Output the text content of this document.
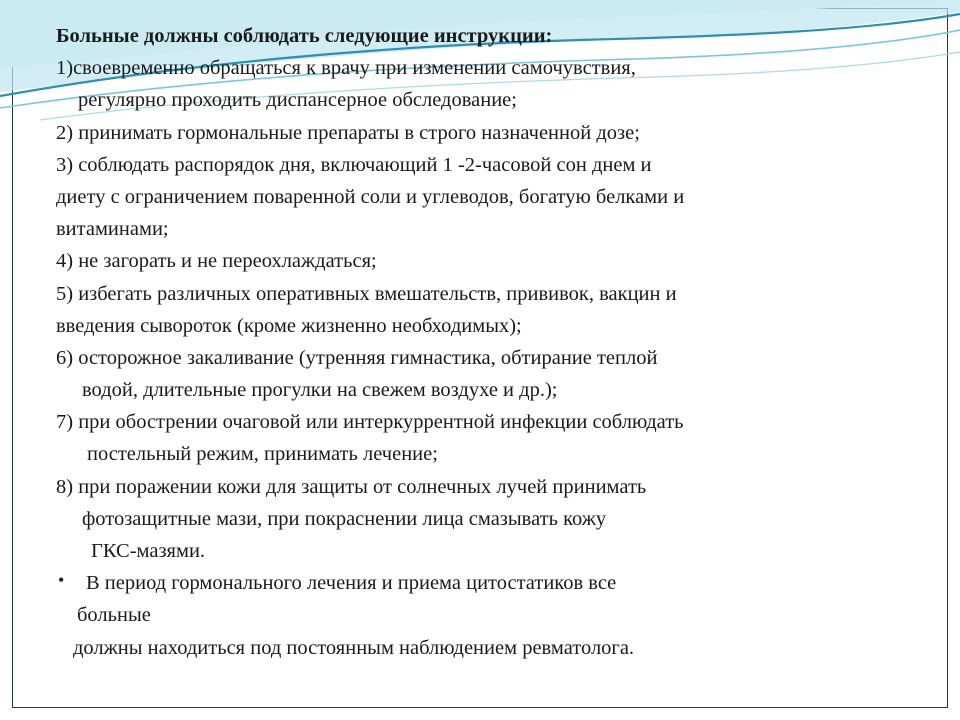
Больные должны соблюдать следующие инструкции:
1)своевременно обращаться к врачу при изменении самочувствия,
регулярно проходить диспансерное обследование;
2) принимать гормональные препараты в строго назначенной дозе;
3) соблюдать распорядок дня, включающий 1 -2-часовой сон днем и
диету с ограничением поваренной соли и углеводов, богатую белками и
витаминами;
4) не загорать и не переохлаждаться;
5) избегать различных оперативных вмешательств, прививок, вакцин и
введения сывороток (кроме жизненно необходимых);
6) осторожное закаливание (утренняя гимнастика, обтирание теплой
водой, длительные прогулки на свежем воздухе и др.);
7) при обострении очаговой или интеркуррентной инфекции соблюдать
постельный режим, принимать лечение;
8) при поражении кожи для защиты от солнечных лучей принимать
фотозащитные мази, при покраснении лица смазывать кожу
ГКС-мазями.
• В период гормонального лечения и приема цитостатиков все
больные
должны находиться под постоянным наблюдением ревматолога.
